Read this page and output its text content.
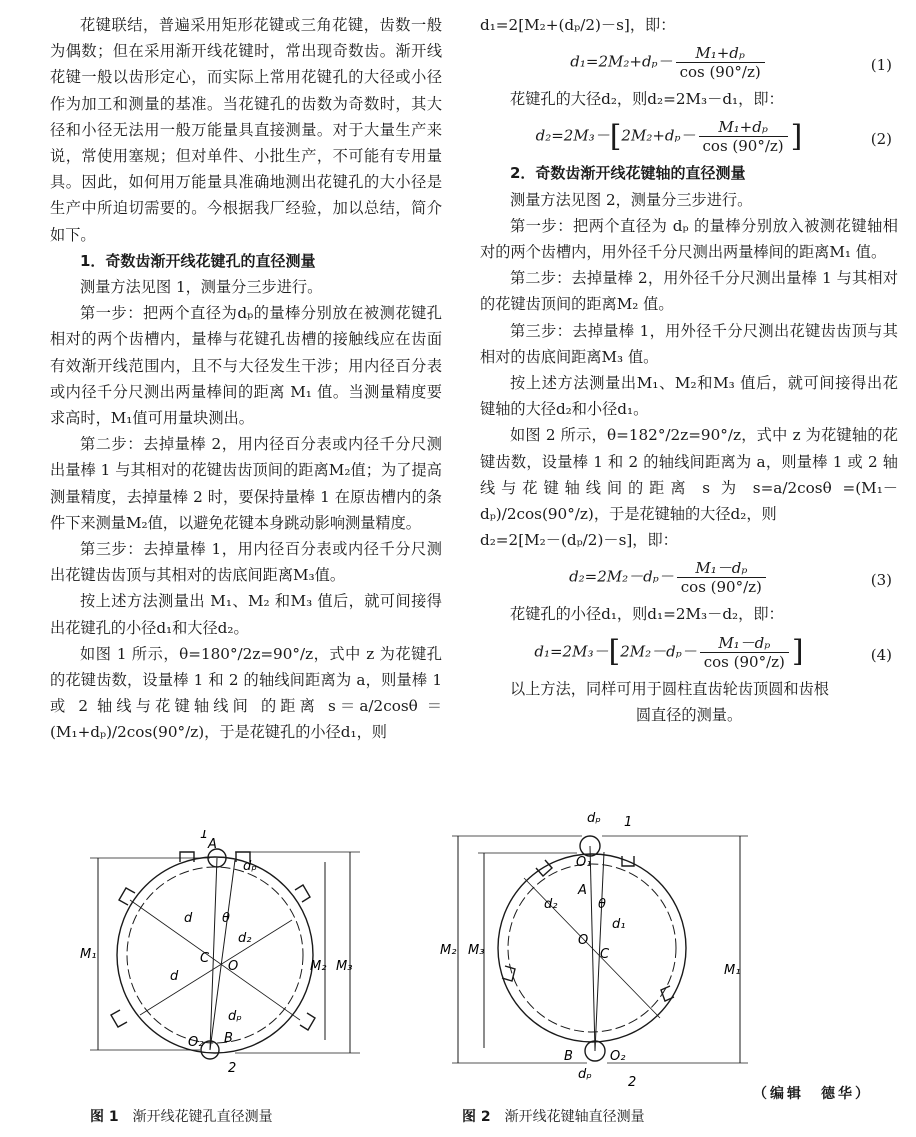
花键联结，普遍采用矩形花键或三角花键，齿数一般为偶数；但在采用渐开线花键时，常出现奇数齿。渐开线花键一般以齿形定心，而实际上常用花键孔的大径或小径作为加工和测量的基准。当花键孔的齿数为奇数时，其大径和小径无法用一般万能量具直接测量。对于大量生产来说，常使用塞规；但对单件、小批生产，不可能有专用量具。因此，如何用万能量具准确地测出花键孔的大小径是生产中所迫切需要的。今根据我厂经验，加以总结，简介如下。

1．奇数齿渐开线花键孔的直径测量

测量方法见图 1，测量分三步进行。

第一步：把两个直径为dₚ的量棒分别放在被测花键孔相对的两个齿槽内，量棒与花键孔齿槽的接触线应在齿面有效渐开线范围内，且不与大径发生干涉；用内径百分表或内径千分尺测出两量棒间的距离 M₁ 值。当测量精度要求高时，M₁值可用量块测出。

第二步：去掉量棒 2，用内径百分表或内径千分尺测出量棒 1 与其相对的花键齿齿顶间的距离M₂值；为了提高测量精度，去掉量棒 2 时，要保持量棒 1 在原齿槽内的条件下来测量M₂值，以避免花键本身跳动影响测量精度。

第三步：去掉量棒 1，用内径百分表或内径千分尺测出花键齿齿顶与其相对的齿底间距离M₃值。

按上述方法测量出 M₁、M₂ 和M₃ 值后，就可间接得出花键孔的小径d₁和大径d₂。

如图 1 所示，θ=180°/2z=90°/z，式中 z 为花键孔的花键齿数，设量棒 1 和 2 的轴线间距离为 a，则量棒 1 或 2 轴线与花键轴线间 的距离 s＝a/2cosθ ＝(M₁+dₚ)/2cos(90°/z)，于是花键孔的小径d₁，则

d₁=2[M₂+(dₚ/2)－s]，即：

$d_1=2M_2+d_p- \frac{\text{M₁+dₚ}}{\cos (90^\circ/z)}$	(1)

花键孔的大径d₂，则d₂=2M₃－d₁，即：

$d_2=2M_3-[2M_2+d_p- \frac{\text{M₁+dₚ}}{\cos (90^\circ/z)}$ ]	(2)

2．奇数齿渐开线花键轴的直径测量

测量方法见图 2，测量分三步进行。

第一步：把两个直径为 dₚ 的量棒分别放入被测花键轴相对的两个齿槽内，用外径千分尺测出两量棒间的距离M₁ 值。

第二步：去掉量棒 2，用外径千分尺测出量棒 1 与其相对的花键齿顶间的距离M₂ 值。

第三步：去掉量棒 1，用外径千分尺测出花键齿齿顶与其相对的齿底间距离M₃ 值。

按上述方法测量出M₁、M₂和M₃ 值后，就可间接得出花键轴的大径d₂和小径d₁。

如图 2 所示，θ=182°/2z=90°/z，式中 z 为花键轴的花键齿数，设量棒 1 和 2 的轴线间距离为 a，则量棒 1 或 2 轴线与花键轴线间的距离 s 为 s=a/2cosθ =(M₁－dₚ)/2cos(90°/z)，于是花键轴的大径d₂，则

d₂=2[M₂－(dₚ/2)－s]，即：

$d_2=2M_2-d_p- \frac{\text{M₁－dₚ}}{\cos (90^\circ/z)}$	(3)

花键孔的小径d₁，则d₁=2M₃－d₂，即：

$d_1=2M_3-[2M_2-d_p- \frac{\text{M₁－dₚ}}{\cos (90^\circ/z)}$ ]	(4)

以上方法，同样可用于圆柱直齿轮齿顶圆和齿根

圆直径的测量。

1
A
dₚ
d θ
d₂
C
O
d
dₚ
B
O₂
2
M₁
M₂ M₃
图 1 渐开线花键孔直径测量
dₚ 1
O₁
A
d₂	θ
d₁
O
C
B	O₂
dₚ
2
M₂ M₃
M₁
图 2 渐开线花键轴直径测量
（编辑　德华）
